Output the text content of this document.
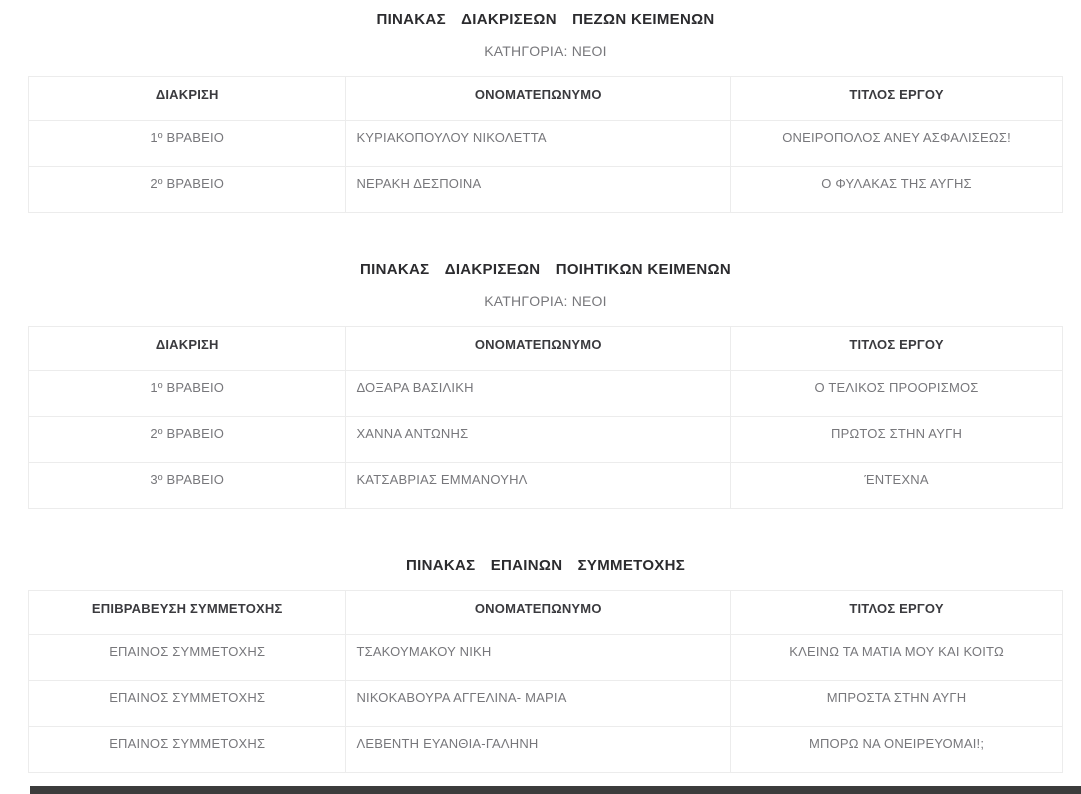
ΠΙΝΑΚΑΣ ΔΙΑΚΡΙΣΕΩΝ ΠΕΖΩΝ ΚΕΙΜΕΝΩΝ

ΚΑΤΗΓΟΡΙΑ: ΝΕΟΙ

ΔΙΑΚΡΙΣΗ	ΟΝΟΜΑΤΕΠΩΝΥΜΟ	ΤΙΤΛΟΣ ΕΡΓΟΥ
1º ΒΡΑΒΕΙΟ	ΚΥΡΙΑΚΟΠΟΥΛΟΥ ΝΙΚΟΛΕΤΤΑ	ΟΝΕΙΡΟΠΟΛΟΣ ΑΝΕΥ ΑΣΦΑΛΙΣΕΩΣ!
2º ΒΡΑΒΕΙΟ	ΝΕΡΑΚΗ ΔΕΣΠΟΙΝΑ	Ο ΦΥΛΑΚΑΣ ΤΗΣ ΑΥΓΗΣ
ΠΙΝΑΚΑΣ ΔΙΑΚΡΙΣΕΩΝ ΠΟΙΗΤΙΚΩΝ ΚΕΙΜΕΝΩΝ

ΚΑΤΗΓΟΡΙΑ: ΝΕΟΙ

ΔΙΑΚΡΙΣΗ	ΟΝΟΜΑΤΕΠΩΝΥΜΟ	ΤΙΤΛΟΣ ΕΡΓΟΥ
1º ΒΡΑΒΕΙΟ	ΔΟΞΑΡΑ ΒΑΣΙΛΙΚΗ	Ο ΤΕΛΙΚΟΣ ΠΡΟΟΡΙΣΜΟΣ
2º ΒΡΑΒΕΙΟ	ΧΑΝΝΑ ΑΝΤΩΝΗΣ	ΠΡΩΤΟΣ ΣΤΗΝ ΑΥΓΗ
3º ΒΡΑΒΕΙΟ	ΚΑΤΣΑΒΡΙΑΣ ΕΜΜΑΝΟΥΗΛ	ΈΝΤΕΧΝΑ
ΠΙΝΑΚΑΣ ΕΠΑΙΝΩΝ ΣΥΜΜΕΤΟΧΗΣ
ΕΠΙΒΡΑΒΕΥΣΗ ΣΥΜΜΕΤΟΧΗΣ	ΟΝΟΜΑΤΕΠΩΝΥΜΟ	ΤΙΤΛΟΣ ΕΡΓΟΥ
ΕΠΑΙΝΟΣ ΣΥΜΜΕΤΟΧΗΣ	ΤΣΑΚΟΥΜΑΚΟΥ ΝΙΚΗ	ΚΛΕΙΝΩ ΤΑ ΜΑΤΙΑ ΜΟΥ ΚΑΙ ΚΟΙΤΩ
ΕΠΑΙΝΟΣ ΣΥΜΜΕΤΟΧΗΣ	ΝΙΚΟΚΑΒΟΥΡΑ ΑΓΓΕΛΙΝΑ- ΜΑΡΙΑ	ΜΠΡΟΣΤΑ ΣΤΗΝ ΑΥΓΗ
ΕΠΑΙΝΟΣ ΣΥΜΜΕΤΟΧΗΣ	ΛΕΒΕΝΤΗ ΕΥΑΝΘΙΑ-ΓΑΛΗΝΗ	ΜΠΟΡΩ ΝΑ ΟΝΕΙΡΕΥΟΜΑΙ!;
